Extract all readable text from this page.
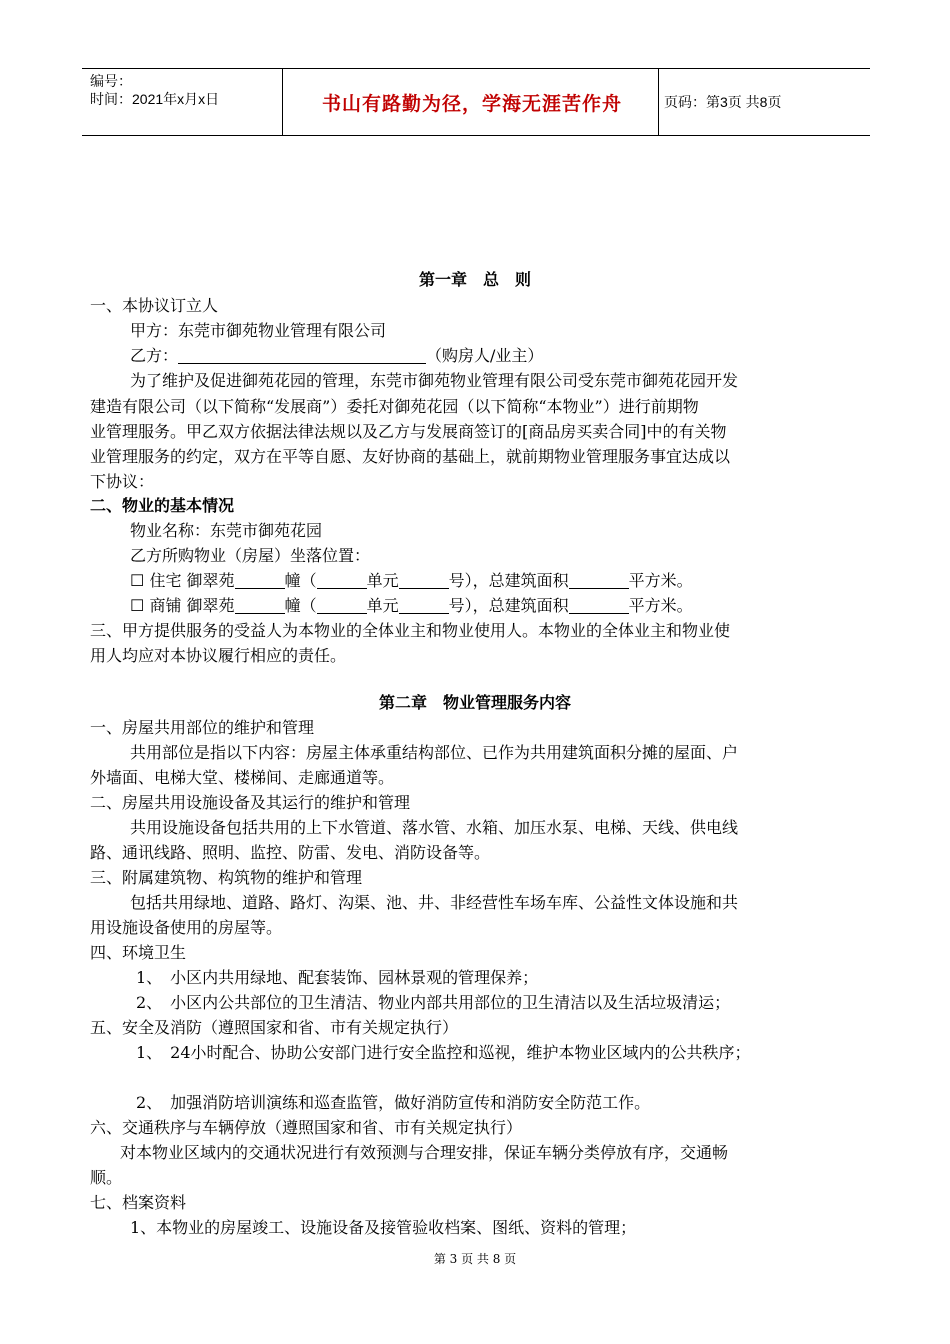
编号：
时间：2021年x月x日	书山有路勤为径，学海无涯苦作舟	页码：第3页 共8页
第一章　总　则
一、本协议订立人
甲方：东莞市御苑物业管理有限公司
乙方：	（购房人/业主）
为了维护及促进御苑花园的管理，东莞市御苑物业管理有限公司受东莞市御苑花园开发
建造有限公司（以下简称“发展商”）委托对御苑花园（以下简称“本物业”）进行前期物
业管理服务。甲乙双方依据法律法规以及乙方与发展商签订的[商品房买卖合同]中的有关物
业管理服务的约定，双方在平等自愿、友好协商的基础上，就前期物业管理服务事宜达成以
下协议：
二、物业的基本情况
物业名称：东莞市御苑花园
乙方所购物业（房屋）坐落位置：
☐ 住宅 御翠苑	幢（	单元	号），总建筑面积	平方米。
☐ 商铺 御翠苑	幢（	单元	号），总建筑面积	平方米。
三、甲方提供服务的受益人为本物业的全体业主和物业使用人。本物业的全体业主和物业使
用人均应对本协议履行相应的责任。
第二章　物业管理服务内容
一、房屋共用部位的维护和管理
共用部位是指以下内容：房屋主体承重结构部位、已作为共用建筑面积分摊的屋面、户
外墙面、电梯大堂、楼梯间、走廊通道等。
二、房屋共用设施设备及其运行的维护和管理
共用设施设备包括共用的上下水管道、落水管、水箱、加压水泵、电梯、天线、供电线
路、通讯线路、照明、监控、防雷、发电、消防设备等。
三、附属建筑物、构筑物的维护和管理
包括共用绿地、道路、路灯、沟渠、池、井、非经营性车场车库、公益性文体设施和共
用设施设备使用的房屋等。
四、环境卫生
1、　小区内共用绿地、配套装饰、园林景观的管理保养；
2、　小区内公共部位的卫生清洁、物业内部共用部位的卫生清洁以及生活垃圾清运；
五、安全及消防（遵照国家和省、市有关规定执行）
1、　24小时配合、协助公安部门进行安全监控和巡视，维护本物业区域内的公共秩序；
2、　加强消防培训演练和巡查监管，做好消防宣传和消防安全防范工作。
六、交通秩序与车辆停放（遵照国家和省、市有关规定执行）
对本物业区域内的交通状况进行有效预测与合理安排，保证车辆分类停放有序，交通畅
顺。
七、档案资料
1、本物业的房屋竣工、设施设备及接管验收档案、图纸、资料的管理；
第 3 页 共 8 页
